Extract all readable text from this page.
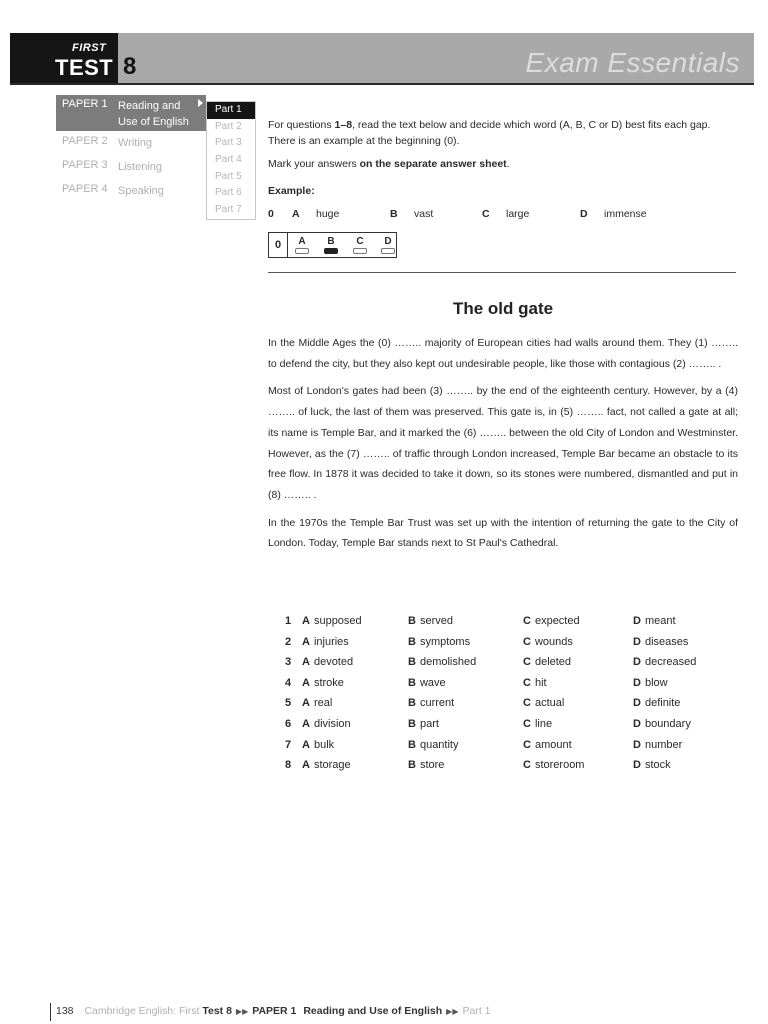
FIRST
TEST 8	Exam Essentials
PAPER 1 Reading and Use of English
PAPER 2 Writing
PAPER 3 Listening
PAPER 4 Speaking
Part 1
Part 2
Part 3
Part 4
Part 5
Part 6
Part 7

For questions 1–8, read the text below and decide which word (A, B, C or D) best fits each gap. There is an example at the beginning (0).

Mark your answers on the separate answer sheet.

Example:
0 A huge	B vast	C large	D immense
0	A	B	C	D
The old gate

In the Middle Ages the (0) …….. majority of European cities had walls around them. They (1) …….. to defend the city, but they also kept out undesirable people, like those with contagious (2) …….. .

Most of London's gates had been (3) …….. by the end of the eighteenth century. However, by a (4) …….. of luck, the last of them was preserved. This gate is, in (5) …….. fact, not called a gate at all; its name is Temple Bar, and it marked the (6) …….. between the old City of London and Westminster. However, as the (7) …….. of traffic through London increased, Temple Bar became an obstacle to its free flow. In 1878 it was decided to take it down, so its stones were numbered, dismantled and put in (8) …….. .

In the 1970s the Temple Bar Trust was set up with the intention of returning the gate to the City of London. Today, Temple Bar stands next to St Paul's Cathedral.

1 A supposed	B served	C expected	D meant
2 A injuries	B symptoms	C wounds	D diseases
3 A devoted	B demolished	C deleted	D decreased
4 A stroke	B wave	C hit	D blow
5 A real	B current	C actual	D definite
6 A division	B part	C line	D boundary
7 A bulk	B quantity	C amount	D number
8 A storage	B store	C storeroom	D stock
138 Cambridge English: First Test 8 ▶▶ PAPER 1 Reading and Use of English ▶▶ Part 1
